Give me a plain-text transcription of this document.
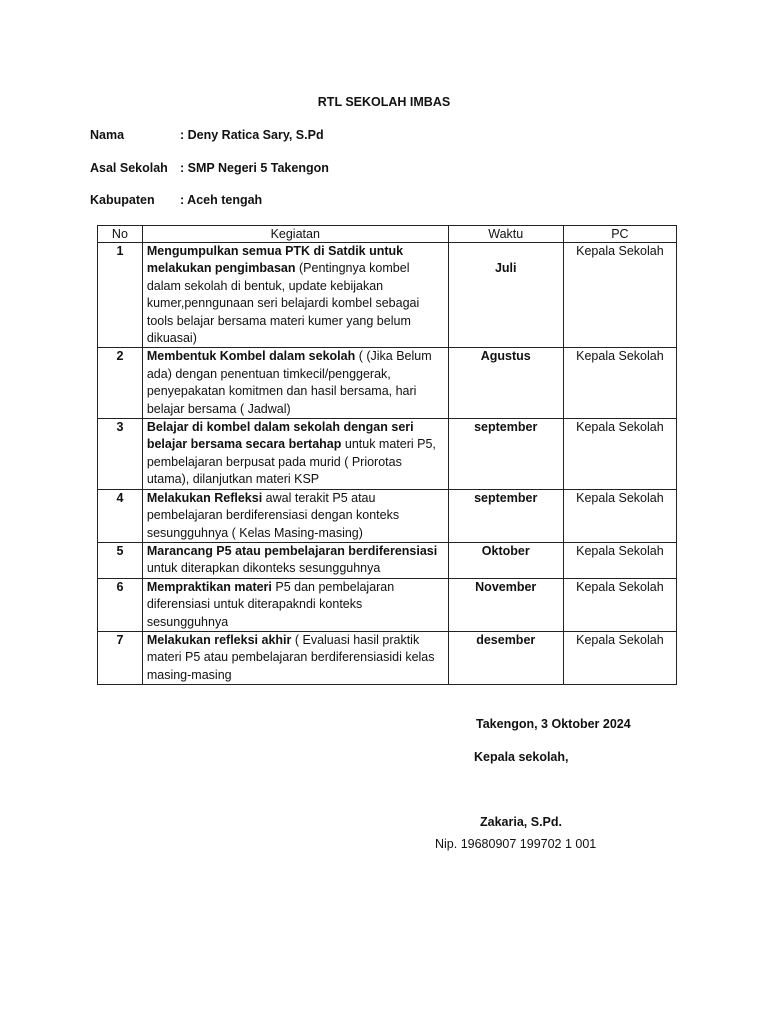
RTL SEKOLAH IMBAS
Nama	: Deny Ratica Sary, S.Pd
Asal Sekolah : SMP Negeri 5 Takengon
Kabupaten	: Aceh tengah
No	Kegiatan	Waktu	PC
1	Mengumpulkan semua PTK di Satdik untuk melakukan pengimbasan (Pentingnya kombel dalam sekolah di bentuk, update kebijakan kumer,penngunaan seri belajardi kombel sebagai tools belajar bersama materi kumer yang belum dikuasai)	Juli	Kepala Sekolah
2	Membentuk Kombel dalam sekolah ( (Jika Belum ada) dengan penentuan timkecil/penggerak, penyepakatan komitmen dan hasil bersama, hari belajar bersama ( Jadwal)	Agustus	Kepala Sekolah
3	Belajar di kombel dalam sekolah dengan seri belajar bersama secara bertahap untuk materi P5, pembelajaran berpusat pada murid ( Priorotas utama), dilanjutkan materi KSP	september	Kepala Sekolah
4	Melakukan Refleksi awal terakit P5 atau pembelajaran berdiferensiasi dengan konteks sesungguhnya ( Kelas Masing-masing)	september	Kepala Sekolah
5	Marancang P5 atau pembelajaran berdiferensiasi untuk diterapkan dikonteks sesungguhnya	Oktober	Kepala Sekolah
6	Mempraktikan materi P5 dan pembelajaran diferensiasi untuk diterapakndi konteks sesungguhnya	November	Kepala Sekolah
7	Melakukan refleksi akhir ( Evaluasi hasil praktik materi P5 atau pembelajaran berdiferensiasidi kelas masing-masing	desember	Kepala Sekolah
Takengon, 3 Oktober 2024
Kepala sekolah,
Zakaria, S.Pd.
Nip. 19680907 199702 1 001
